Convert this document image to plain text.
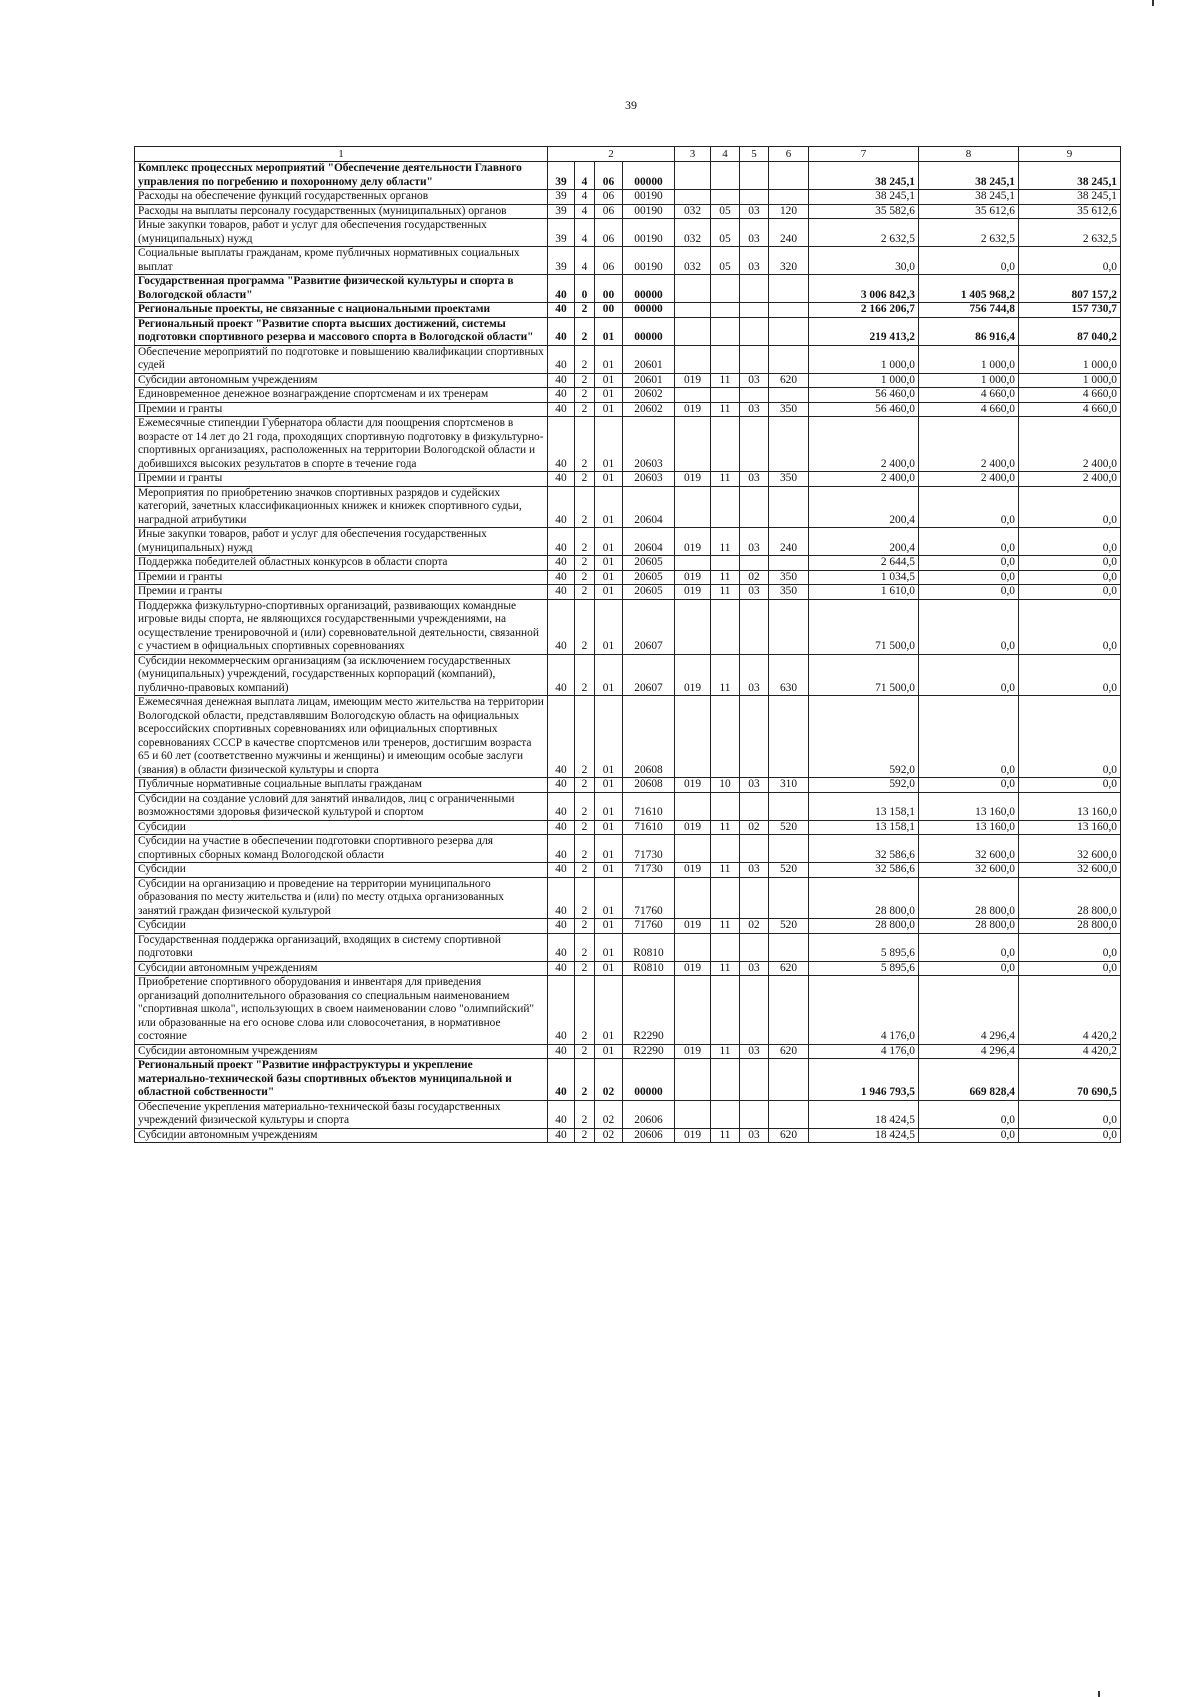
39
1	2				3	4	5	6	7	8	9
Комплекс процессных мероприятий "Обеспечение деятельности Главного управления по погребению и похоронному делу области"	39	4	06	00000					38 245,1	38 245,1	38 245,1
Расходы на обеспечение функций государственных органов	39	4	06	00190					38 245,1	38 245,1	38 245,1
Расходы на выплаты персоналу государственных (муниципальных) органов	39	4	06	00190	032	05	03	120	35 582,6	35 612,6	35 612,6
Иные закупки товаров, работ и услуг для обеспечения государственных (муниципальных) нужд	39	4	06	00190	032	05	03	240	2 632,5	2 632,5	2 632,5
Социальные выплаты гражданам, кроме публичных нормативных социальных выплат	39	4	06	00190	032	05	03	320	30,0	0,0	0,0
Государственная программа "Развитие физической культуры и спорта в Вологодской области"	40	0	00	00000					3 006 842,3	1 405 968,2	807 157,2
Региональные проекты, не связанные с национальными проектами	40	2	00	00000					2 166 206,7	756 744,8	157 730,7
Региональный проект "Развитие спорта высших достижений, системы подготовки спортивного резерва и массового спорта в Вологодской области"	40	2	01	00000					219 413,2	86 916,4	87 040,2
Обеспечение мероприятий по подготовке и повышению квалификации спортивных судей	40	2	01	20601					1 000,0	1 000,0	1 000,0
Субсидии автономным учреждениям	40	2	01	20601	019	11	03	620	1 000,0	1 000,0	1 000,0
Единовременное денежное вознаграждение спортсменам и их тренерам	40	2	01	20602					56 460,0	4 660,0	4 660,0
Премии и гранты	40	2	01	20602	019	11	03	350	56 460,0	4 660,0	4 660,0
Ежемесячные стипендии Губернатора области для поощрения спортсменов в возрасте от 14 лет до 21 года, проходящих спортивную подготовку в физкультурно-спортивных организациях, расположенных на территории Вологодской области и добившихся высоких результатов в спорте в течение года	40	2	01	20603					2 400,0	2 400,0	2 400,0
Премии и гранты	40	2	01	20603	019	11	03	350	2 400,0	2 400,0	2 400,0
Мероприятия по приобретению значков спортивных разрядов и судейских категорий, зачетных классификационных книжек и книжек спортивного судьи, наградной атрибутики	40	2	01	20604					200,4	0,0	0,0
Иные закупки товаров, работ и услуг для обеспечения государственных (муниципальных) нужд	40	2	01	20604	019	11	03	240	200,4	0,0	0,0
Поддержка победителей областных конкурсов в области спорта	40	2	01	20605					2 644,5	0,0	0,0
Премии и гранты	40	2	01	20605	019	11	02	350	1 034,5	0,0	0,0
Премии и гранты	40	2	01	20605	019	11	03	350	1 610,0	0,0	0,0
Поддержка физкультурно-спортивных организаций, развивающих командные игровые виды спорта, не являющихся государственными учреждениями, на осуществление тренировочной и (или) соревновательной деятельности, связанной с участием в официальных спортивных соревнованиях	40	2	01	20607					71 500,0	0,0	0,0
Субсидии некоммерческим организациям (за исключением государственных (муниципальных) учреждений, государственных корпораций (компаний), публично-правовых компаний)	40	2	01	20607	019	11	03	630	71 500,0	0,0	0,0
Ежемесячная денежная выплата лицам, имеющим место жительства на территории Вологодской области, представлявшим Вологодскую область на официальных всероссийских спортивных соревнованиях или официальных спортивных соревнованиях СССР в качестве спортсменов или тренеров, достигшим возраста 65 и 60 лет (соответственно мужчины и женщины) и имеющим особые заслуги (звания) в области физической культуры и спорта	40	2	01	20608					592,0	0,0	0,0
Публичные нормативные социальные выплаты гражданам	40	2	01	20608	019	10	03	310	592,0	0,0	0,0
Субсидии на создание условий для занятий инвалидов, лиц с ограниченными возможностями здоровья физической культурой и спортом	40	2	01	71610					13 158,1	13 160,0	13 160,0
Субсидии	40	2	01	71610	019	11	02	520	13 158,1	13 160,0	13 160,0
Субсидии на участие в обеспечении подготовки спортивного резерва для спортивных сборных команд Вологодской области	40	2	01	71730					32 586,6	32 600,0	32 600,0
Субсидии	40	2	01	71730	019	11	03	520	32 586,6	32 600,0	32 600,0
Субсидии на организацию и проведение на территории муниципального образования по месту жительства и (или) по месту отдыха организованных занятий граждан физической культурой	40	2	01	71760					28 800,0	28 800,0	28 800,0
Субсидии	40	2	01	71760	019	11	02	520	28 800,0	28 800,0	28 800,0
Государственная поддержка организаций, входящих в систему спортивной подготовки	40	2	01	R0810					5 895,6	0,0	0,0
Субсидии автономным учреждениям	40	2	01	R0810	019	11	03	620	5 895,6	0,0	0,0
Приобретение спортивного оборудования и инвентаря для приведения организаций дополнительного образования со специальным наименованием "спортивная школа", использующих в своем наименовании слово "олимпийский" или образованные на его основе слова или словосочетания, в нормативное состояние	40	2	01	R2290					4 176,0	4 296,4	4 420,2
Субсидии автономным учреждениям	40	2	01	R2290	019	11	03	620	4 176,0	4 296,4	4 420,2
Региональный проект "Развитие инфраструктуры и укрепление материально-технической базы спортивных объектов муниципальной и областной собственности"	40	2	02	00000					1 946 793,5	669 828,4	70 690,5
Обеспечение укрепления материально-технической базы государственных учреждений физической культуры и спорта	40	2	02	20606					18 424,5	0,0	0,0
Субсидии автономным учреждениям	40	2	02	20606	019	11	03	620	18 424,5	0,0	0,0
